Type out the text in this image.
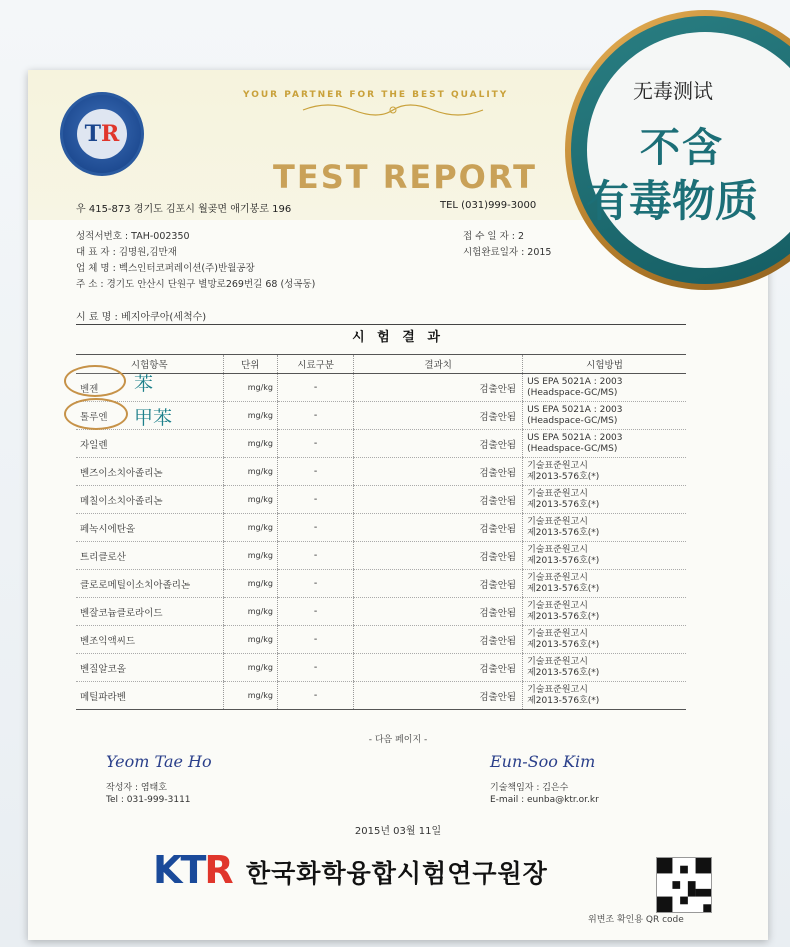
YOUR PARTNER FOR THE BEST QUALITY
TR
TEST REPORT
우 415-873 경기도 김포시 월곶면 애기봉로 196	TEL (031)999-3000
성적서번호 : TAH-002350
대 표 자 : 김명원,김만재
업 체 명 : 벡스인터코퍼레이션(주)반월공장
주 소 : 경기도 안산시 단원구 별망로269번길 68 (성곡동)
접 수 일 자 : 2
시험완료일자 : 2015
시 료 명 : 베지아쿠아(세척수)
시 험 결 과
시험항목	단위	시료구분	결과치	시험방법
벤젠	mg/kg	-	검출안됨	US EPA 5021A : 2003
(Headspace-GC/MS)

톨루엔	mg/kg	-	검출안됨	US EPA 5021A : 2003
(Headspace-GC/MS)

자일렌	mg/kg	-	검출안됨	US EPA 5021A : 2003
(Headspace-GC/MS)

벤즈이소치아졸리논	mg/kg	-	검출안됨	기술표준원고시
제2013-576호(*)

메칠이소치아졸리논	mg/kg	-	검출안됨	기술표준원고시
제2013-576호(*)

페녹시에탄올	mg/kg	-	검출안됨	기술표준원고시
제2013-576호(*)

트리클로산	mg/kg	-	검출안됨	기술표준원고시
제2013-576호(*)

클로로메틸이소치아졸리논	mg/kg	-	검출안됨	기술표준원고시
제2013-576호(*)

벤잘코늄클로라이드	mg/kg	-	검출안됨	기술표준원고시
제2013-576호(*)

벤조익액씨드	mg/kg	-	검출안됨	기술표준원고시
제2013-576호(*)

벤질알코올	mg/kg	-	검출안됨	기술표준원고시
제2013-576호(*)

메틸파라벤	mg/kg	-	검출안됨	기술표준원고시
제2013-576호(*)
- 다음 페이지 -
Yeom Tae Ho
작성자 : 염태호
Tel : 031-999-3111
Eun-Soo Kim
기술책임자 : 김은수
E-mail : eunba@ktr.or.kr
2015년 03월 11일
KTR 한국화학융합시험연구원장
위변조 확인용 QR code
苯
甲苯
无毒测试
不含
有毒物质
